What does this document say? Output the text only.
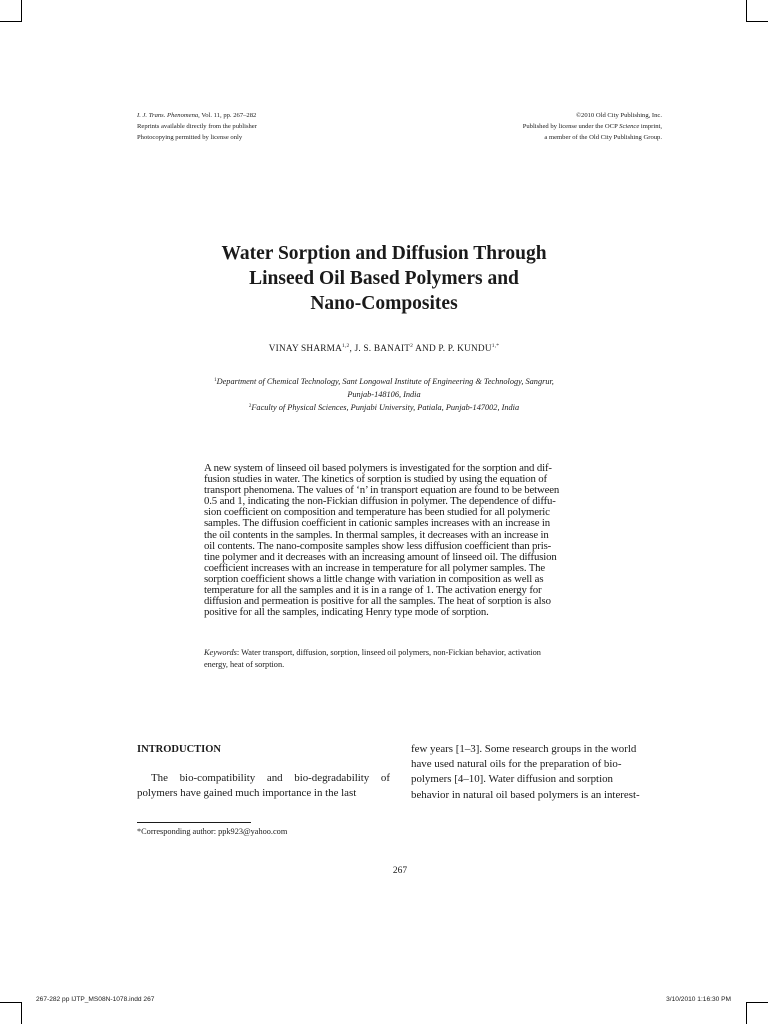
I. J. Trans. Phenomena, Vol. 11, pp. 267–282
Reprints available directly from the publisher
Photocopying permitted by license only
©2010 Old City Publishing, Inc.
Published by license under the OCP Science imprint,
a member of the Old City Publishing Group.
Water Sorption and Diffusion Through
Linseed Oil Based Polymers and
Nano-Composites
VINAY SHARMA$^{1,2}$, J. S. BANAIT$^2$ AND P. P. $KUNDU^{1,*}$
$^1$Department of Chemical Technology, Sant Longowal Institute of Engineering & Technology, Sangrur,
Punjab-148106, India
$^2$Faculty of Physical Sciences, Punjabi University, Patiala, Punjab-147002, India
A new system of linseed oil based polymers is investigated for the sorption and dif-
fusion studies in water. The kinetics of sorption is studied by using the equation of
transport phenomena. The values of ‘n’ in transport equation are found to be between
0.5 and 1, indicating the non-Fickian diffusion in polymer. The dependence of diffu-
sion coefficient on composition and temperature has been studied for all polymeric
samples. The diffusion coefficient in cationic samples increases with an increase in
the oil contents in the samples. In thermal samples, it decreases with an increase in
oil contents. The nano-composite samples show less diffusion coefficient than pris-
tine polymer and it decreases with an increasing amount of linseed oil. The diffusion
coefficient increases with an increase in temperature for all polymer samples. The
sorption coefficient shows a little change with variation in composition as well as
temperature for all the samples and it is in a range of 1. The activation energy for
diffusion and permeation is positive for all the samples. The heat of sorption is also
positive for all the samples, indicating Henry type mode of sorption.
Keywords: Water transport, diffusion, sorption, linseed oil polymers, non-Fickian behavior, activation
energy, heat of sorption.
INTRODUCTION
The bio-compatibility and bio-degradability of polymers have gained much importance in the last
few years [1–3]. Some research groups in the world
have used natural oils for the preparation of bio-
polymers [4–10]. Water diffusion and sorption
behavior in natural oil based polymers is an interest-
*Corresponding author: ppk923@yahoo.com
267
267-282 pp IJTP_MS08N-1078.indd 267	3/10/2010 1:16:30 PM
